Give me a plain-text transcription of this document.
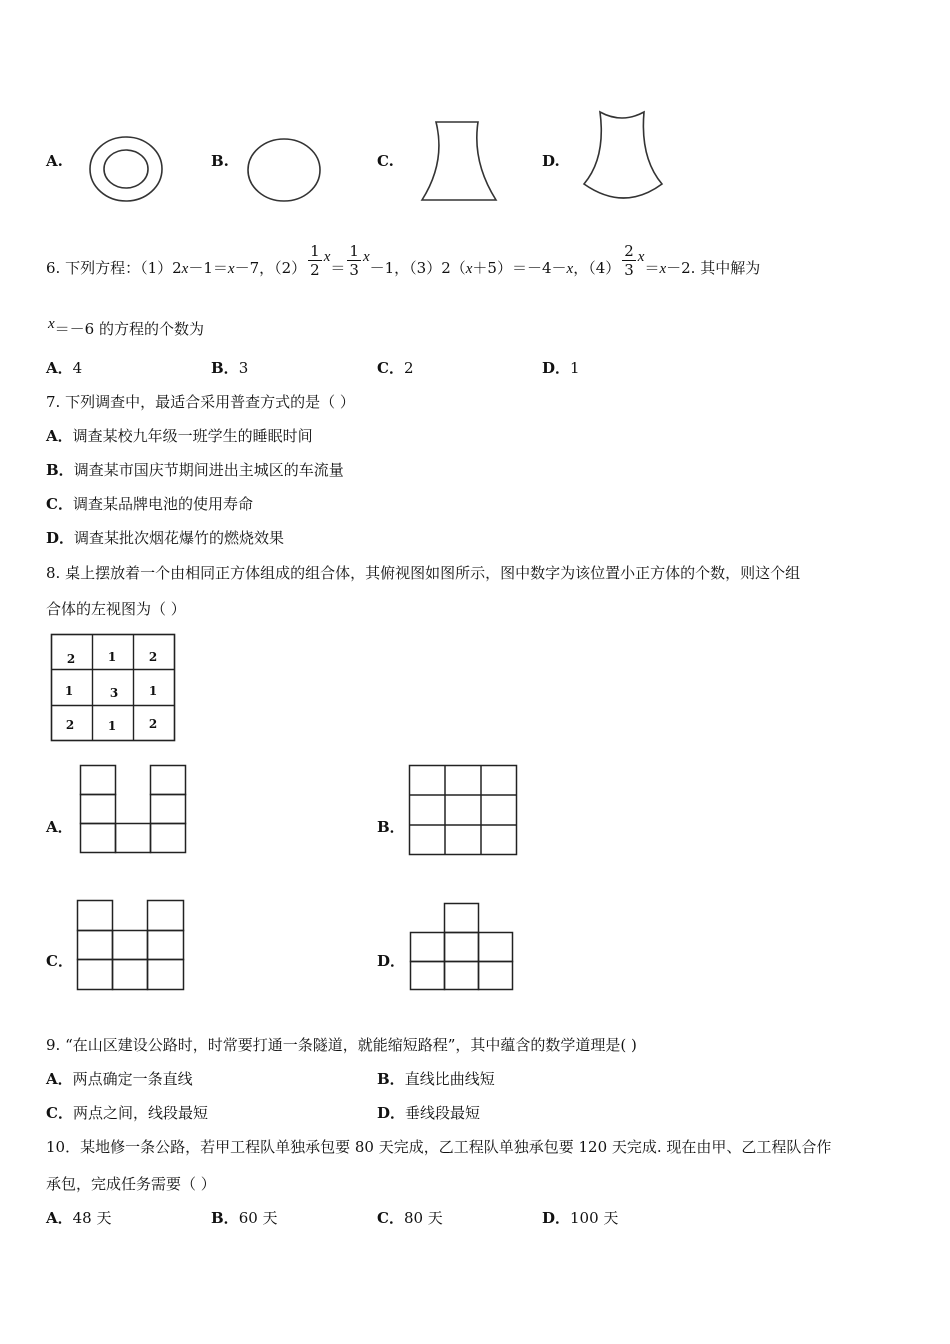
A.	B.	C.	D.
6. 下列方程：（1）2x－1＝x－7，$(2) \frac{1}{2} x= \frac{1}{3} x-1$，（3）2（x＋5）＝－4－x，$(4) \frac{2}{3} x=x-2$. 其中解为
x＝－6 的方程的个数为
A．4	B．3	C．2	D．1
7. 下列调查中，最适合采用普查方式的是（ ）
A．调查某校九年级一班学生的睡眠时间
B．调查某市国庆节期间进出主城区的车流量
C．调查某品牌电池的使用寿命
D．调查某批次烟花爆竹的燃烧效果
8. 桌上摆放着一个由相同正方体组成的组合体，其俯视图如图所示，图中数字为该位置小正方体的个数，则这个组
合体的左视图为（ ）
2	1	2
1	3	1
2	1	2
A．	B．
C．	D．
9. “在山区建设公路时，时常要打通一条隧道，就能缩短路程”，其中蕴含的数学道理是( )
A．两点确定一条直线	B．直线比曲线短
C．两点之间，线段最短	D．垂线段最短
10．某地修一条公路，若甲工程队单独承包要 80 天完成，乙工程队单独承包要 120 天完成. 现在由甲、乙工程队合作
承包，完成任务需要（ ）
A．48 天	B．60 天	C．80 天	D．100 天
